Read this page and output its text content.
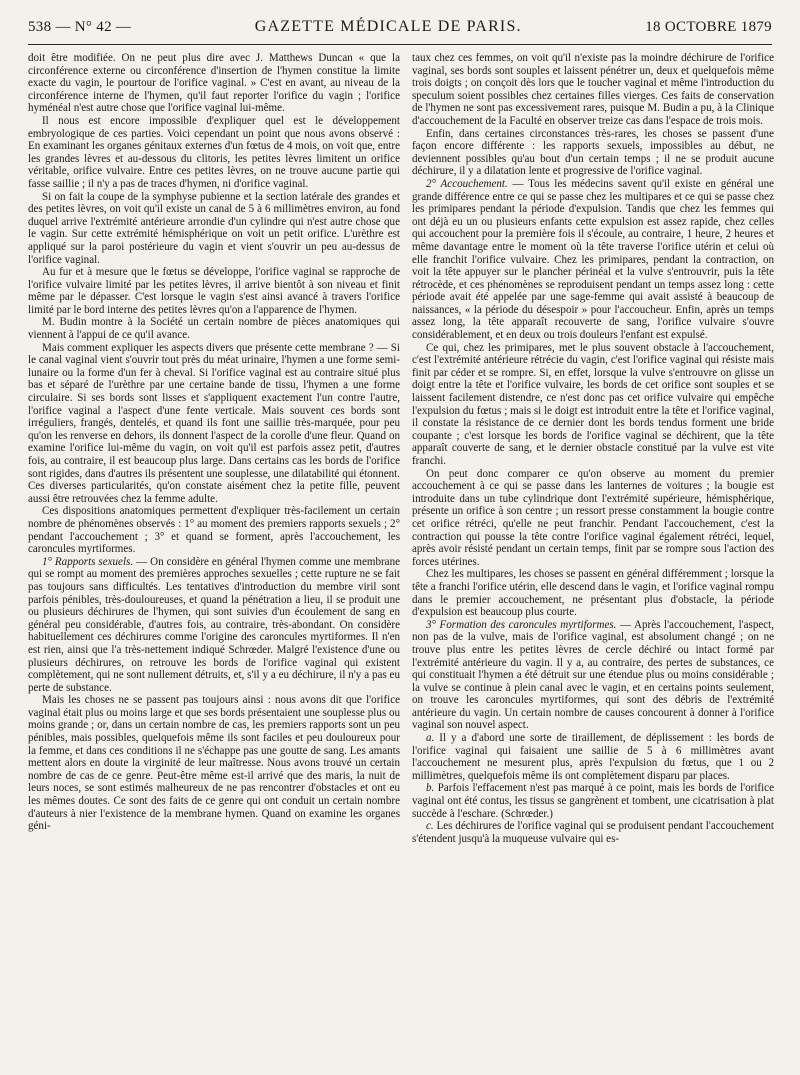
538 — N° 42 —	GAZETTE MÉDICALE DE PARIS.	18 OCTOBRE 1879

doit être modifiée. On ne peut plus dire avec J. Matthews Duncan « que la circonférence externe ou circonférence d'insertion de l'hymen constitue la limite exacte du vagin, le pourtour de l'orifice vaginal. » C'est en avant, au niveau de la circonférence interne de l'hymen, qu'il faut reporter l'orifice du vagin ; l'orifice hyménéal n'est autre chose que l'orifice vaginal lui-même.

Il nous est encore impossible d'expliquer quel est le développement embryologique de ces parties. Voici cependant un point que nous avons observé : En examinant les organes génitaux externes d'un fœtus de 4 mois, on voit que, entre les grandes lèvres et au-dessous du clitoris, les petites lèvres limitent un orifice véritable, orifice vulvaire. Entre ces petites lèvres, on ne trouve aucune partie qui fasse saillie ; il n'y a pas de traces d'hymen, ni d'orifice vaginal.

Si on fait la coupe de la symphyse pubienne et la section latérale des grandes et des petites lèvres, on voit qu'il existe un canal de 5 à 6 millimètres environ, au fond duquel arrive l'extrémité antérieure arrondie d'un cylindre qui n'est autre chose que le vagin. Sur cette extrémité hémisphérique on voit un petit orifice. L'urèthre est appliqué sur la paroi postérieure du vagin et vient s'ouvrir un peu au-dessus de l'orifice vaginal.

Au fur et à mesure que le fœtus se développe, l'orifice vaginal se rapproche de l'orifice vulvaire limité par les petites lèvres, il arrive bientôt à son niveau et finit même par le dépasser. C'est lorsque le vagin s'est ainsi avancé à travers l'orifice limité par le bord interne des petites lèvres qu'on a l'apparence de l'hymen.

M. Budin montre à la Société un certain nombre de pièces anatomiques qui viennent à l'appui de ce qu'il avance.

Mais comment expliquer les aspects divers que présente cette membrane ? — Si le canal vaginal vient s'ouvrir tout près du méat urinaire, l'hymen a une forme semi-lunaire ou la forme d'un fer à cheval. Si l'orifice vaginal est au contraire situé plus bas et séparé de l'urèthre par une certaine bande de tissu, l'hymen a une forme circulaire. Si ses bords sont lisses et s'appliquent exactement l'un contre l'autre, l'orifice vaginal a l'aspect d'une fente verticale. Mais souvent ces bords sont irréguliers, frangés, dentelés, et quand ils font une saillie très-marquée, pour peu qu'on les renverse en dehors, ils donnent l'aspect de la corolle d'une fleur. Quand on examine l'orifice lui-même du vagin, on voit qu'il est parfois assez petit, d'autres fois, au contraire, il est beaucoup plus large. Dans certains cas les bords de l'orifice sont rigides, dans d'autres ils présentent une souplesse, une dilatabilité qui étonnent. Ces diverses particularités, qu'on constate aisément chez la petite fille, peuvent aussi être retrouvées chez la femme adulte.

Ces dispositions anatomiques permettent d'expliquer très-facilement un certain nombre de phénomènes observés : 1° au moment des premiers rapports sexuels ; 2° pendant l'accouchement ; 3° et quand se forment, après l'accouchement, les caroncules myrtiformes.

1° Rapports sexuels. — On considère en général l'hymen comme une membrane qui se rompt au moment des premières approches sexuelles ; cette rupture ne se fait pas toujours sans difficultés. Les tentatives d'introduction du membre viril sont parfois pénibles, très-douloureuses, et quand la pénétration a lieu, il se produit une ou plusieurs déchirures de l'hymen, qui sont suivies d'un écoulement de sang en général peu considérable, d'autres fois, au contraire, très-abondant. On considère habituellement ces déchirures comme l'origine des caroncules myrtiformes. Il n'en est rien, ainsi que l'a très-nettement indiqué Schrœder. Malgré l'existence d'une ou plusieurs déchirures, on retrouve les bords de l'orifice vaginal qui existent complètement, qui ne sont nullement détruits, et, s'il y a eu déchirure, il n'y a pas eu perte de substance.

Mais les choses ne se passent pas toujours ainsi : nous avons dit que l'orifice vaginal était plus ou moins large et que ses bords présentaient une souplesse plus ou moins grande ; or, dans un certain nombre de cas, les premiers rapports sont un peu pénibles, mais possibles, quelquefois même ils sont faciles et peu douloureux pour la femme, et dans ces conditions il ne s'échappe pas une goutte de sang. Les amants mettent alors en doute la virginité de leur maîtresse. Nous avons trouvé un certain nombre de cas de ce genre. Peut-être même est-il arrivé que des maris, la nuit de leurs noces, se sont estimés malheureux de ne pas rencontrer d'obstacles et ont eu les mêmes doutes. Ce sont des faits de ce genre qui ont conduit un certain nombre d'auteurs à nier l'existence de la membrane hymen. Quand on examine les organes géni-

taux chez ces femmes, on voit qu'il n'existe pas la moindre déchirure de l'orifice vaginal, ses bords sont souples et laissent pénétrer un, deux et quelquefois même trois doigts ; on conçoit dès lors que le toucher vaginal et même l'introduction du speculum soient possibles chez certaines filles vierges. Ces faits de conservation de l'hymen ne sont pas excessivement rares, puisque M. Budin a pu, à la Clinique d'accouchement de la Faculté en observer treize cas dans l'espace de trois mois.

Enfin, dans certaines circonstances très-rares, les choses se passent d'une façon encore différente : les rapports sexuels, impossibles au début, ne deviennent possibles qu'au bout d'un certain temps ; il ne se produit aucune déchirure, il y a dilatation lente et progressive de l'orifice vaginal.

2° Accouchement. — Tous les médecins savent qu'il existe en général une grande différence entre ce qui se passe chez les multipares et ce qui se passe chez les primipares pendant la période d'expulsion. Tandis que chez les femmes qui ont déjà eu un ou plusieurs enfants cette expulsion est assez rapide, chez celles qui accouchent pour la première fois il s'écoule, au contraire, 1 heure, 2 heures et même davantage entre le moment où la tête traverse l'orifice utérin et celui où elle franchit l'orifice vulvaire. Chez les primipares, pendant la contraction, on voit la tête appuyer sur le plancher périnéal et la vulve s'entrouvrir, puis la tête rétrocède, et ces phénomènes se reproduisent pendant un temps assez long : cette période avait été appelée par une sage-femme qui avait assisté à beaucoup de naissances, « la période du désespoir » pour l'accoucheur. Enfin, après un temps assez long, la tête apparaît recouverte de sang, l'orifice vulvaire s'ouvre considérablement, et en deux ou trois douleurs l'enfant est expulsé.

Ce qui, chez les primipares, met le plus souvent obstacle à l'accouchement, c'est l'extrémité antérieure rétrécie du vagin, c'est l'orifice vaginal qui résiste mais finit par céder et se rompre. Si, en effet, lorsque la vulve s'entrouvre on glisse un doigt entre la tête et l'orifice vulvaire, les bords de cet orifice sont souples et se laissent facilement distendre, ce n'est donc pas cet orifice vulvaire qui empêche l'expulsion du fœtus ; mais si le doigt est introduit entre la tête et l'orifice vaginal, il constate la résistance de ce dernier dont les bords tendus forment une bride coupante ; c'est lorsque les bords de l'orifice vaginal se déchirent, que la tête apparaît couverte de sang, et le dernier obstacle constitué par la vulve est vite franchi.

On peut donc comparer ce qu'on observe au moment du premier accouchement à ce qui se passe dans les lanternes de voitures ; la bougie est introduite dans un tube cylindrique dont l'extrémité supérieure, hémisphérique, présente un orifice à son centre ; un ressort presse constamment la bougie contre cet orifice rétréci, qu'elle ne peut franchir. Pendant l'accouchement, c'est la contraction qui pousse la tête contre l'orifice vaginal également rétréci, lequel, après avoir résisté pendant un certain temps, finit par se rompre sous l'action des forces utérines.

Chez les multipares, les choses se passent en général différemment ; lorsque la tête a franchi l'orifice utérin, elle descend dans le vagin, et l'orifice vaginal rompu dans le premier accouchement, ne présentant plus d'obstacle, la période d'expulsion est beaucoup plus courte.

3° Formation des caroncules myrtiformes. — Après l'accouchement, l'aspect, non pas de la vulve, mais de l'orifice vaginal, est absolument changé ; on ne trouve plus entre les petites lèvres de cercle déchiré ou intact formé par l'extrémité antérieure du vagin. Il y a, au contraire, des pertes de substances, ce qui constituait l'hymen a été détruit sur une étendue plus ou moins considérable ; la vulve se continue à plein canal avec le vagin, et en certains points seulement, on trouve les caroncules myrtiformes, qui sont des débris de l'extrémité antérieure du vagin. Un certain nombre de causes concourent à donner à l'orifice vaginal son nouvel aspect.

a. Il y a d'abord une sorte de tiraillement, de déplissement : les bords de l'orifice vaginal qui faisaient une saillie de 5 à 6 millimètres avant l'accouchement ne mesurent plus, après l'expulsion du fœtus, que 1 ou 2 millimètres, quelquefois même ils ont complètement disparu par places.

b. Parfois l'effacement n'est pas marqué à ce point, mais les bords de l'orifice vaginal ont été contus, les tissus se gangrènent et tombent, une cicatrisation à plat succède à l'eschare. (Schrœder.)

c. Les déchirures de l'orifice vaginal qui se produisent pendant l'accouchement s'étendent jusqu'à la muqueuse vulvaire qui es-
